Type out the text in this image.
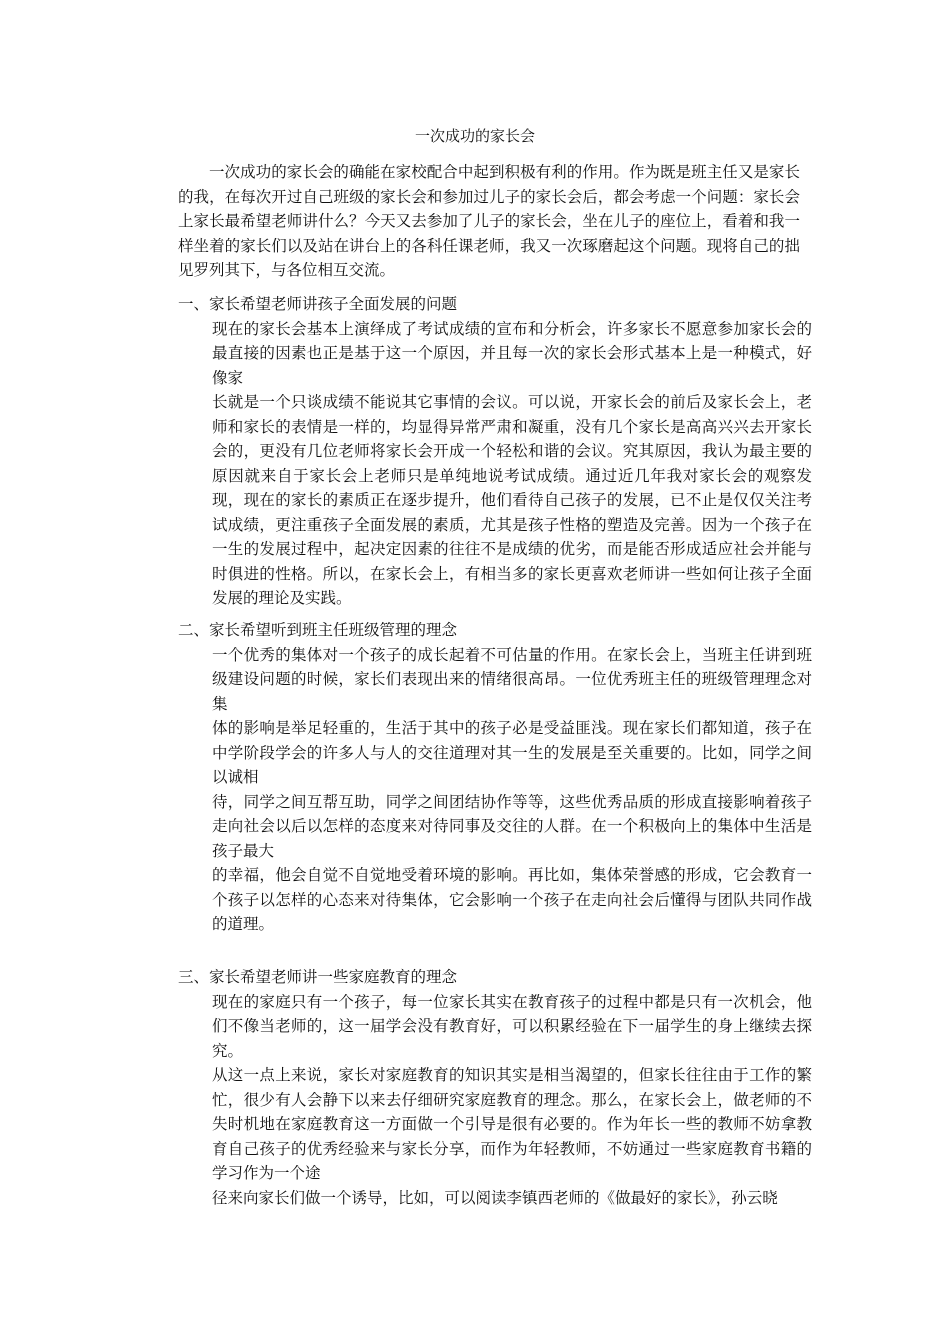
一次成功的家长会

一次成功的家长会的确能在家校配合中起到积极有利的作用。作为既是班主任又是家长的我，在每次开过自己班级的家长会和参加过儿子的家长会后，都会考虑一个问题：家长会上家长最希望老师讲什么？今天又去参加了儿子的家长会，坐在儿子的座位上，看着和我一样坐着的家长们以及站在讲台上的各科任课老师，我又一次琢磨起这个问题。现将自己的拙见罗列其下，与各位相互交流。

一、家长希望老师讲孩子全面发展的问题

现在的家长会基本上演绎成了考试成绩的宣布和分析会，许多家长不愿意参加家长会的最直接的因素也正是基于这一个原因，并且每一次的家长会形式基本上是一种模式，好像家

长就是一个只谈成绩不能说其它事情的会议。可以说，开家长会的前后及家长会上，老师和家长的表情是一样的，均显得异常严肃和凝重，没有几个家长是高高兴兴去开家长会的，更没有几位老师将家长会开成一个轻松和谐的会议。究其原因，我认为最主要的原因就来自于家长会上老师只是单纯地说考试成绩。通过近几年我对家长会的观察发现，现在的家长的素质正在逐步提升，他们看待自己孩子的发展，已不止是仅仅关注考试成绩，更注重孩子全面发展的素质，尤其是孩子性格的塑造及完善。因为一个孩子在一生的发展过程中，起决定因素的往往不是成绩的优劣，而是能否形成适应社会并能与时俱进的性格。所以，在家长会上，有相当多的家长更喜欢老师讲一些如何让孩子全面发展的理论及实践。

二、家长希望听到班主任班级管理的理念

一个优秀的集体对一个孩子的成长起着不可估量的作用。在家长会上，当班主任讲到班级建设问题的时候，家长们表现出来的情绪很高昂。一位优秀班主任的班级管理理念对集

体的影响是举足轻重的，生活于其中的孩子必是受益匪浅。现在家长们都知道，孩子在中学阶段学会的许多人与人的交往道理对其一生的发展是至关重要的。比如，同学之间以诚相

待，同学之间互帮互助，同学之间团结协作等等，这些优秀品质的形成直接影响着孩子走向社会以后以怎样的态度来对待同事及交往的人群。在一个积极向上的集体中生活是孩子最大

的幸福，他会自觉不自觉地受着环境的影响。再比如，集体荣誉感的形成，它会教育一个孩子以怎样的心态来对待集体，它会影响一个孩子在走向社会后懂得与团队共同作战的道理。

三、家长希望老师讲一些家庭教育的理念

现在的家庭只有一个孩子，每一位家长其实在教育孩子的过程中都是只有一次机会，他们不像当老师的，这一届学会没有教育好，可以积累经验在下一届学生的身上继续去探究。

从这一点上来说，家长对家庭教育的知识其实是相当渴望的，但家长往往由于工作的繁忙，很少有人会静下以来去仔细研究家庭教育的理念。那么，在家长会上，做老师的不失时机地在家庭教育这一方面做一个引导是很有必要的。作为年长一些的教师不妨拿教育自己孩子的优秀经验来与家长分享，而作为年轻教师，不妨通过一些家庭教育书籍的学习作为一个途

径来向家长们做一个诱导，比如，可以阅读李镇西老师的《做最好的家长》，孙云晓
